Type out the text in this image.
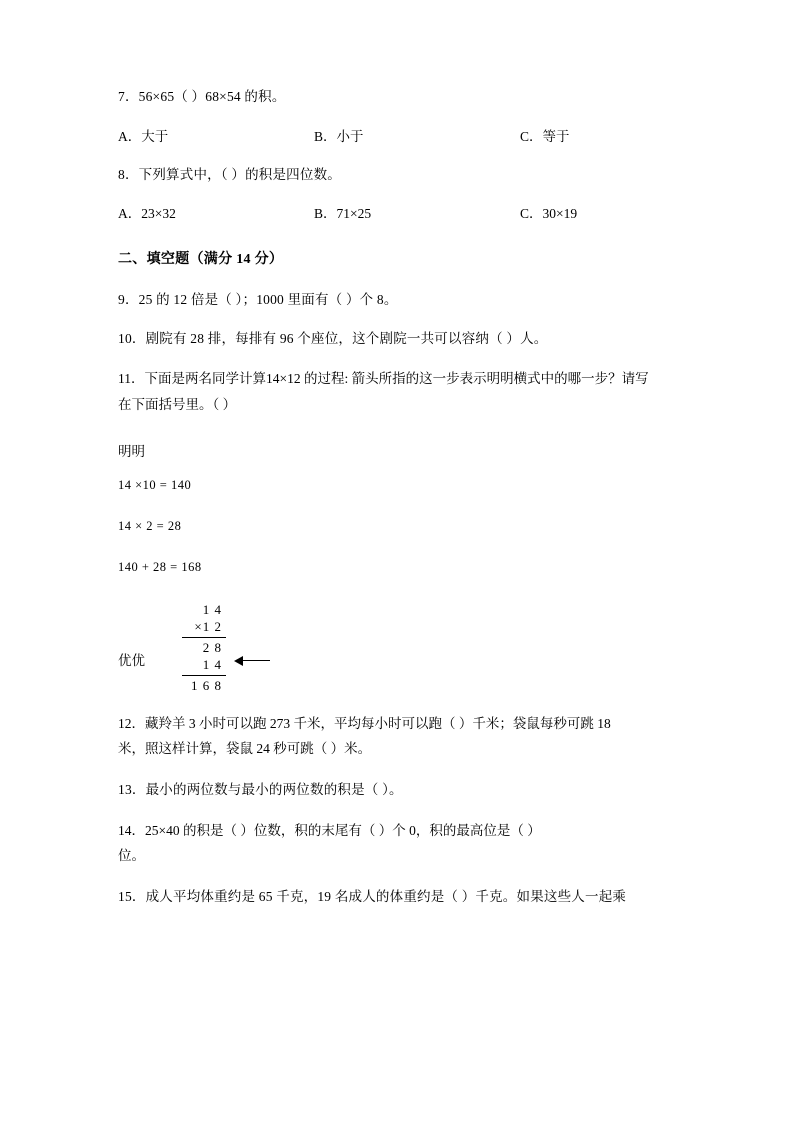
7．56×65（ ）68×54 的积。
A．大于	B．小于	C．等于
8．下列算式中，（ ）的积是四位数。
A．23×32	B．71×25	C．30×19
二、填空题（满分 14 分）
9．25 的 12 倍是（ ）；1000 里面有（ ）个 8。
10．剧院有 28 排，每排有 96 个座位，这个剧院一共可以容纳（ ）人。
11．下面是两名同学计算14×12 的过程: 箭头所指的这一步表示明明横式中的哪一步？请写
在下面括号里。（ ）
明明
14 ×10 = 140
14 × 2 = 28
140 + 28 = 168
优优
1 4
×1 2
2 8
1 4
1 6 8
12．藏羚羊 3 小时可以跑 273 千米，平均每小时可以跑（ ）千米；袋鼠每秒可跳 18
米，照这样计算，袋鼠 24 秒可跳（ ）米。
13．最小的两位数与最小的两位数的积是（ ）。
14．25×40 的积是（ ）位数，积的末尾有（ ）个 0，积的最高位是（ ）
位。
15．成人平均体重约是 65 千克，19 名成人的体重约是（ ）千克。如果这些人一起乘
